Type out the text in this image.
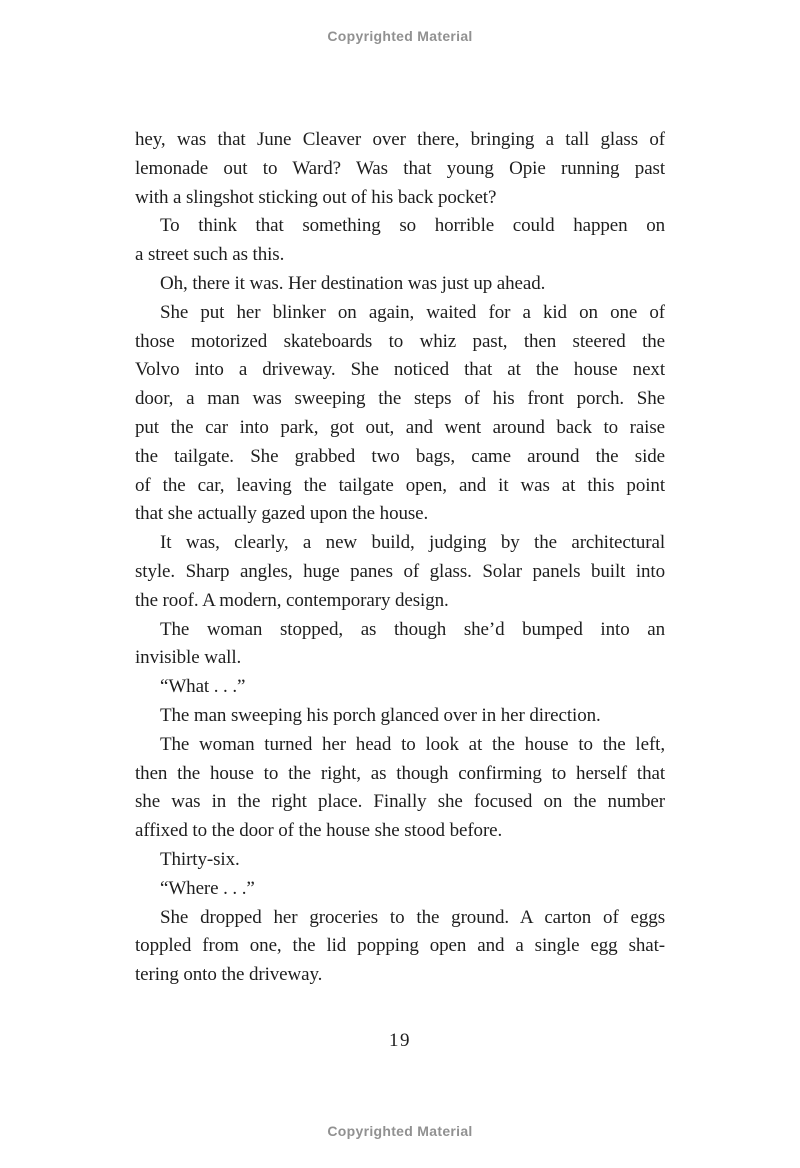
Copyrighted Material
hey, was that June Cleaver over there, bringing a tall glass of
lemonade out to Ward? Was that young Opie running past
with a slingshot sticking out of his back pocket?
To think that something so horrible could happen on
a street such as this.
Oh, there it was. Her destination was just up ahead.
She put her blinker on again, waited for a kid on one of
those motorized skateboards to whiz past, then steered the
Volvo into a driveway. She noticed that at the house next
door, a man was sweeping the steps of his front porch. She
put the car into park, got out, and went around back to raise
the tailgate. She grabbed two bags, came around the side
of the car, leaving the tailgate open, and it was at this point
that she actually gazed upon the house.
It was, clearly, a new build, judging by the architectural
style. Sharp angles, huge panes of glass. Solar panels built into
the roof. A modern, contemporary design.
The woman stopped, as though she’d bumped into an
invisible wall.
“What . . .”
The man sweeping his porch glanced over in her direction.
The woman turned her head to look at the house to the left,
then the house to the right, as though confirming to herself that
she was in the right place. Finally she focused on the number
affixed to the door of the house she stood before.
Thirty-six.
“Where . . .”
She dropped her groceries to the ground. A carton of eggs
toppled from one, the lid popping open and a single egg shat-
tering onto the driveway.
19
Copyrighted Material
